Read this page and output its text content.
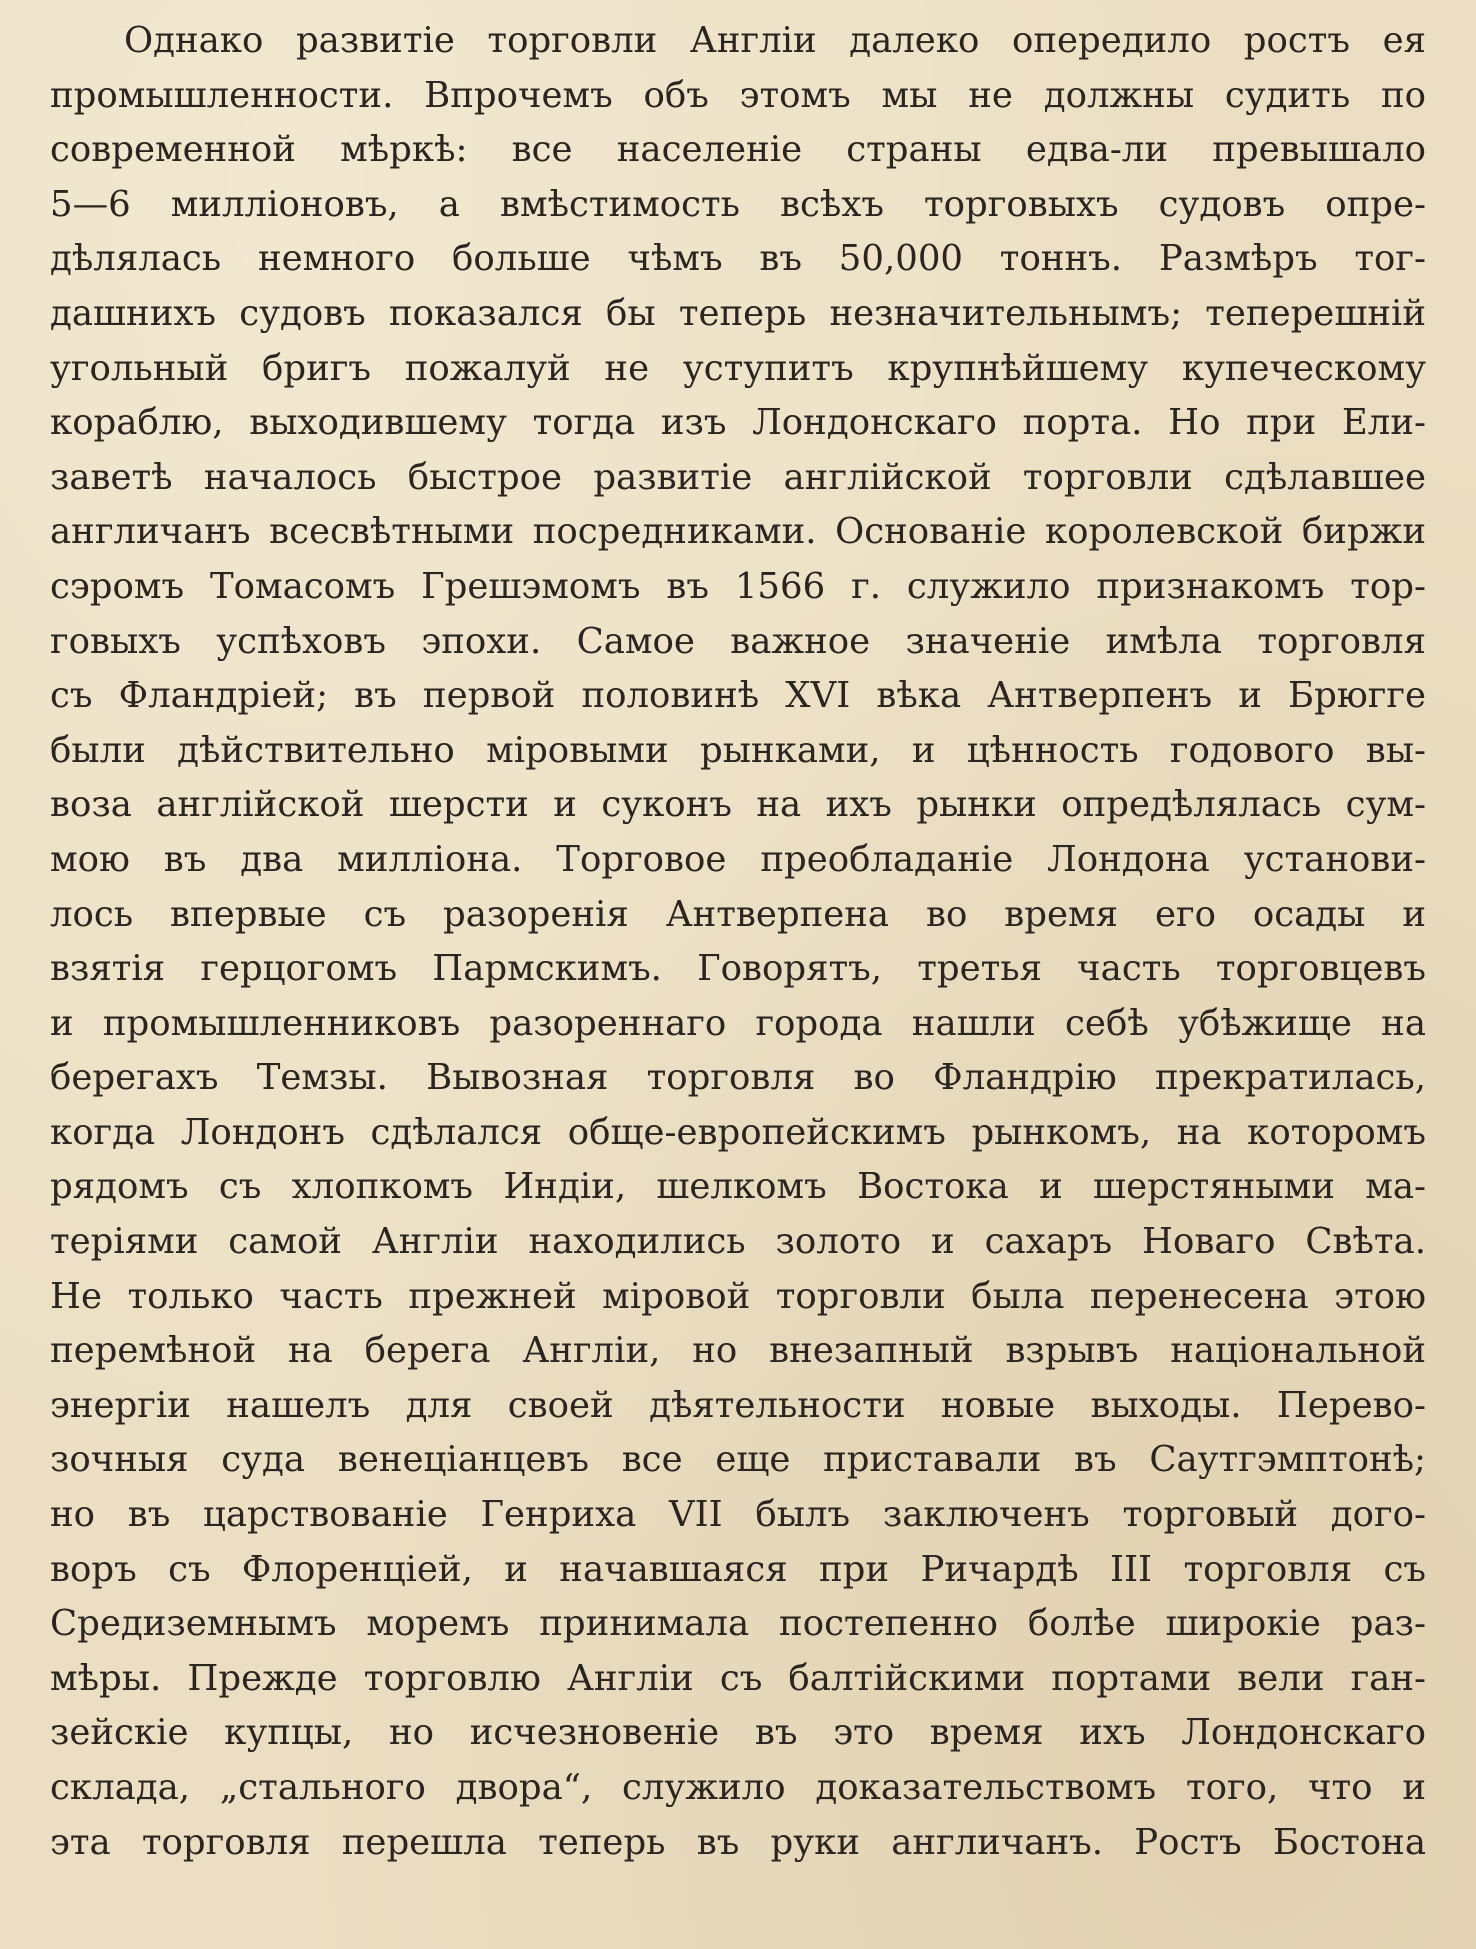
Однако развитіе торговли Англіи далеко опередило ростъ ея
промышленности. Впрочемъ объ этомъ мы не должны судить по
современной мѣркѣ: все населеніе страны едва-ли превышало
5—6 милліоновъ, а вмѣстимость всѣхъ торговыхъ судовъ опре-
дѣлялась немного больше чѣмъ въ 50,000 тоннъ. Размѣръ тог-
дашнихъ судовъ показался бы теперь незначительнымъ; теперешній
угольный бригъ пожалуй не уступитъ крупнѣйшему купеческому
кораблю, выходившему тогда изъ Лондонскаго порта. Но при Ели-
заветѣ началось быстрое развитіе англійской торговли сдѣлавшее
англичанъ всесвѣтными посредниками. Основаніе королевской биржи
сэромъ Томасомъ Грешэмомъ въ 1566 г. служило признакомъ тор-
говыхъ успѣховъ эпохи. Самое важное значеніе имѣла торговля
съ Фландріей; въ первой половинѣ XVI вѣка Антверпенъ и Брюгге
были дѣйствительно міровыми рынками, и цѣнность годового вы-
воза англійской шерсти и суконъ на ихъ рынки опредѣлялась сум-
мою въ два милліона. Торговое преобладаніе Лондона установи-
лось впервые съ разоренія Антверпена во время его осады и
взятія герцогомъ Пармскимъ. Говорятъ, третья часть торговцевъ
и промышленниковъ разореннаго города нашли себѣ убѣжище на
берегахъ Темзы. Вывозная торговля во Фландрію прекратилась,
когда Лондонъ сдѣлался обще-европейскимъ рынкомъ, на которомъ
рядомъ съ хлопкомъ Индіи, шелкомъ Востока и шерстяными ма-
теріями самой Англіи находились золото и сахаръ Новаго Свѣта.
Не только часть прежней міровой торговли была перенесена этою
перемѣной на берега Англіи, но внезапный взрывъ національной
энергіи нашелъ для своей дѣятельности новые выходы. Перево-
зочныя суда венеціанцевъ все еще приставали въ Саутгэмптонѣ;
но въ царствованіе Генриха VII былъ заключенъ торговый дого-
воръ съ Флоренціей, и начавшаяся при Ричардѣ III торговля съ
Средиземнымъ моремъ принимала постепенно болѣе широкіе раз-
мѣры. Прежде торговлю Англіи съ балтійскими портами вели ган-
зейскіе купцы, но исчезновеніе въ это время ихъ Лондонскаго
склада, „стального двора“, служило доказательствомъ того, что и
эта торговля перешла теперь въ руки англичанъ. Ростъ Бостона
